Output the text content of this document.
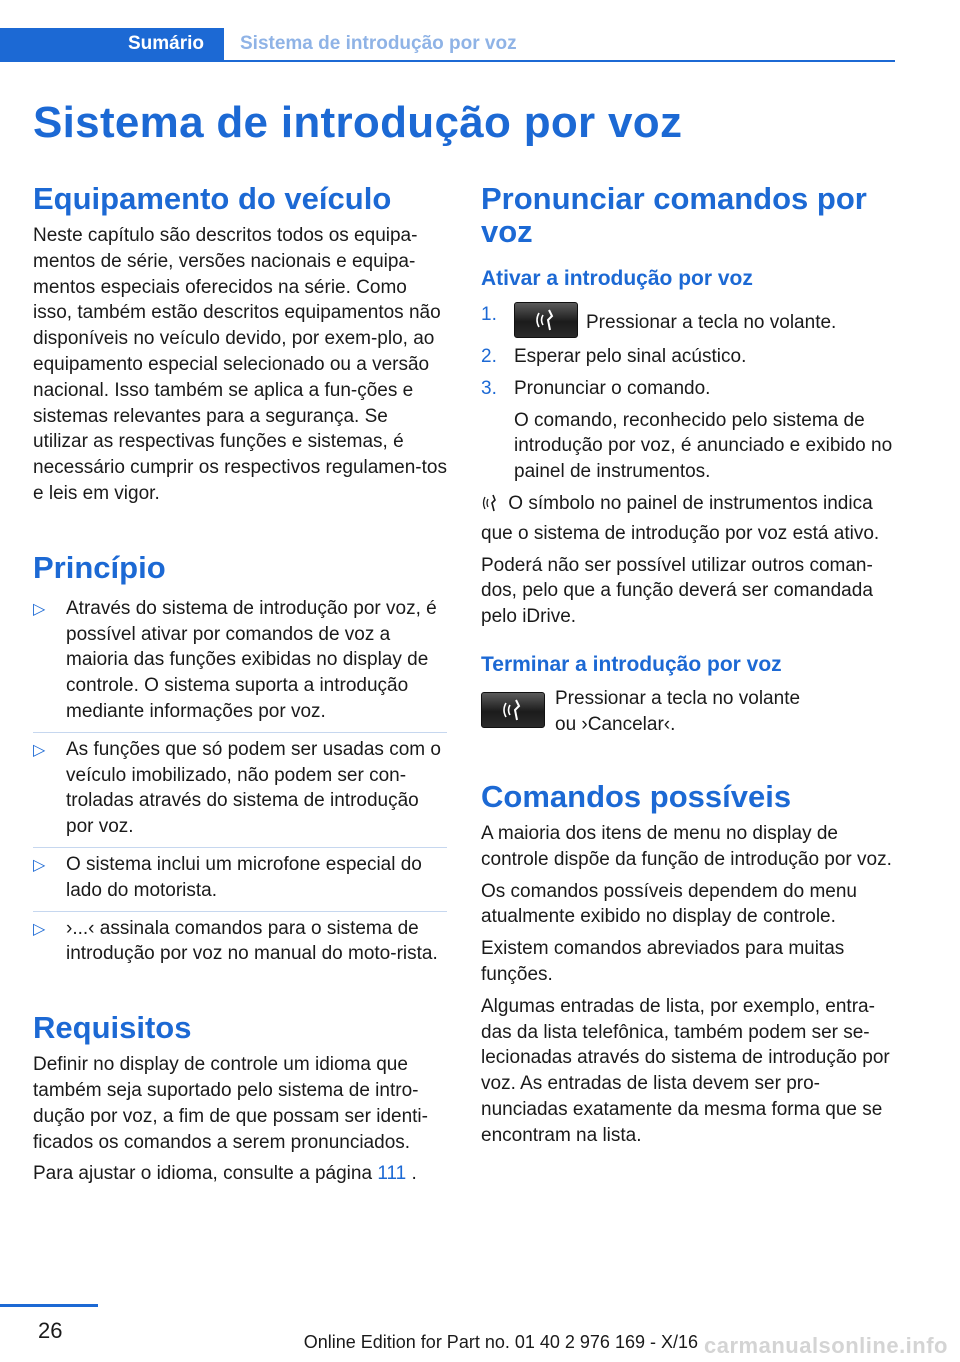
Sumário	Sistema de introdução por voz
Sistema de introdução por voz
Equipamento do veículo

Neste capítulo são descritos todos os equipa-mentos de série, versões nacionais e equipa-mentos especiais oferecidos na série. Como isso, também estão descritos equipamentos não disponíveis no veículo devido, por exem-plo, ao equipamento especial selecionado ou a versão nacional. Isso também se aplica a fun-ções e sistemas relevantes para a segurança. Se utilizar as respectivas funções e sistemas, é necessário cumprir os respectivos regulamen-tos e leis em vigor.

Princípio
▷ Através do sistema de introdução por voz, é possível ativar por comandos de voz a maioria das funções exibidas no display de controle. O sistema suporta a introdução mediante informações por voz.
▷ As funções que só podem ser usadas com o veículo imobilizado, não podem ser con-troladas através do sistema de introdução por voz.
▷ O sistema inclui um microfone especial do lado do motorista.
▷ ›...‹ assinala comandos para o sistema de introdução por voz no manual do moto-rista.
Requisitos

Definir no display de controle um idioma que também seja suportado pelo sistema de intro-dução por voz, a fim de que possam ser identi-ficados os comandos a serem pronunciados.

Para ajustar o idioma, consulte a página 111 .

Pronunciar comandos por voz
Ativar a introdução por voz
1.	Pressionar a tecla no volante.
2. Esperar pelo sinal acústico.
3. Pronunciar o comando.
O comando, reconhecido pelo sistema de introdução por voz, é anunciado e exibido no painel de instrumentos.

O símbolo no painel de instrumentos indica que o sistema de introdução por voz está ativo.

Poderá não ser possível utilizar outros coman-dos, pelo que a função deverá ser comandada pelo iDrive.

Terminar a introdução por voz
Pressionar a tecla no volante
ou ›Cancelar‹.
Comandos possíveis

A maioria dos itens de menu no display de controle dispõe da função de introdução por voz.

Os comandos possíveis dependem do menu atualmente exibido no display de controle.

Existem comandos abreviados para muitas funções.

Algumas entradas de lista, por exemplo, entra-das da lista telefônica, também podem ser se-lecionadas através do sistema de introdução por voz. As entradas de lista devem ser pro-nunciadas exatamente da mesma forma que se encontram na lista.

26	Online Edition for Part no. 01 40 2 976 169 - X/16 carmanualsonline.info
